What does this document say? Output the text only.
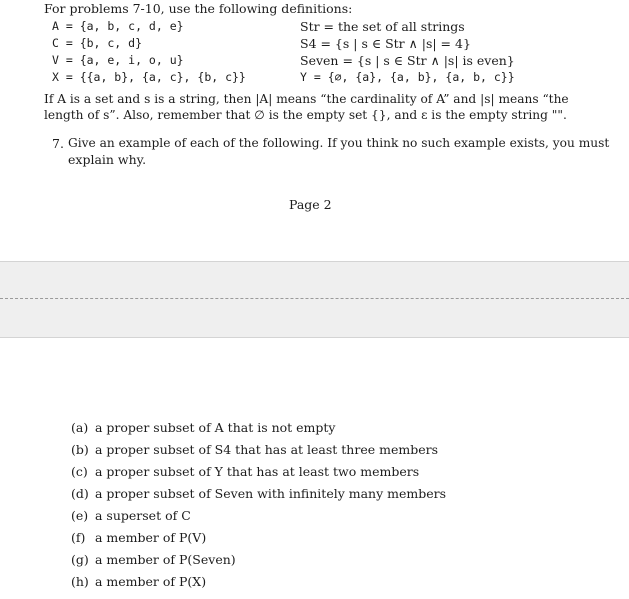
For problems 7-10, use the following definitions:
A = {a, b, c, d, e}
C = {b, c, d}
V = {a, e, i, o, u}
X = {{a, b}, {a, c}, {b, c}}
Str = the set of all strings
S4 = {s | s ∈ Str ∧ |s| = 4}
Seven = {s | s ∈ Str ∧ |s| is even}
Y = {∅, {a}, {a, b}, {a, b, c}}
If A is a set and s is a string, then |A| means “the cardinality of A” and |s| means “the
length of s”. Also, remember that ∅ is the empty set {}, and ε is the empty string "".
7. Give an example of each of the following. If you think no such example exists, you must
explain why.
Page 2
(a) a proper subset of A that is not empty
(b) a proper subset of S4 that has at least three members
(c) a proper subset of Y that has at least two members
(d) a proper subset of Seven with infinitely many members
(e) a superset of C
(f) a member of P(V)
(g) a member of P(Seven)
(h) a member of P(X)
